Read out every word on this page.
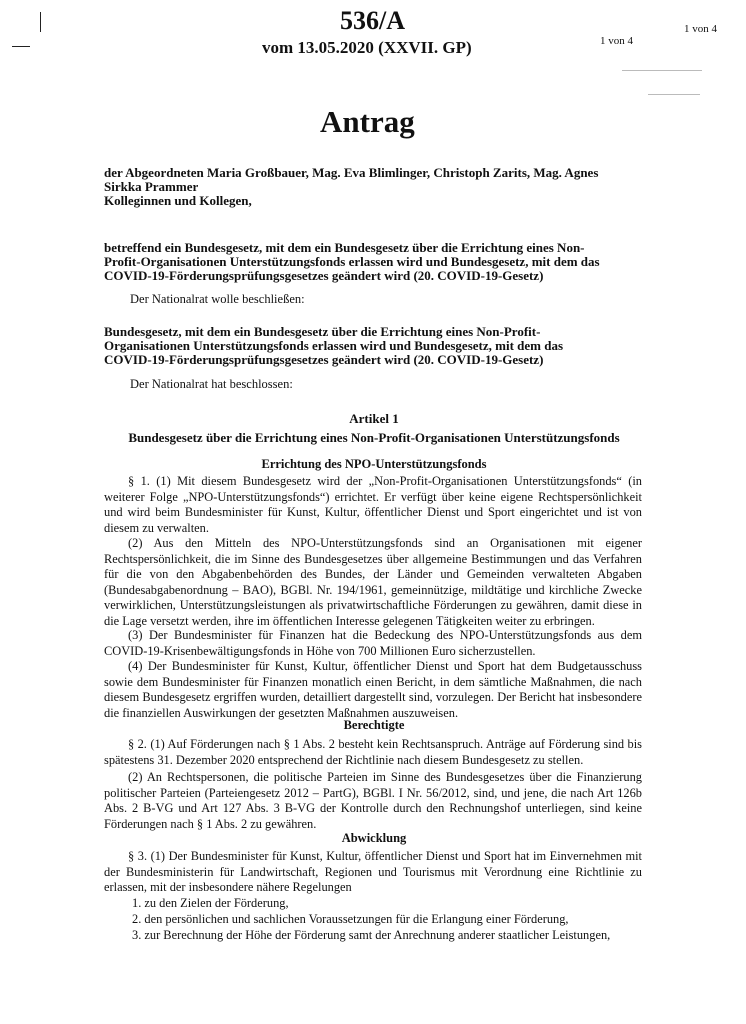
536/A
vom 13.05.2020 (XXVII. GP)	1 von 4
1 von 4
Antrag
der Abgeordneten Maria Großbauer, Mag. Eva Blimlinger, Christoph Zarits, Mag. Agnes
Sirkka Prammer
Kolleginnen und Kollegen,
betreffend ein Bundesgesetz, mit dem ein Bundesgesetz über die Errichtung eines Non-
Profit-Organisationen Unterstützungsfonds erlassen wird und Bundesgesetz, mit dem das
COVID-19-Förderungsprüfungsgesetzes geändert wird (20. COVID-19-Gesetz)
Der Nationalrat wolle beschließen:
Bundesgesetz, mit dem ein Bundesgesetz über die Errichtung eines Non-Profit-
Organisationen Unterstützungsfonds erlassen wird und Bundesgesetz, mit dem das
COVID-19-Förderungsprüfungsgesetzes geändert wird (20. COVID-19-Gesetz)
Der Nationalrat hat beschlossen:
Artikel 1
Bundesgesetz über die Errichtung eines Non-Profit-Organisationen Unterstützungsfonds
Errichtung des NPO-Unterstützungsfonds
§ 1. (1) Mit diesem Bundesgesetz wird der „Non-Profit-Organisationen Unterstützungsfonds“ (in weiterer Folge „NPO-Unterstützungsfonds“) errichtet. Er verfügt über keine eigene Rechtspersönlichkeit und wird beim Bundesminister für Kunst, Kultur, öffentlicher Dienst und Sport eingerichtet und ist von diesem zu verwalten.
(2) Aus den Mitteln des NPO-Unterstützungsfonds sind an Organisationen mit eigener Rechtspersönlichkeit, die im Sinne des Bundesgesetzes über allgemeine Bestimmungen und das Verfahren für die von den Abgabenbehörden des Bundes, der Länder und Gemeinden verwalteten Abgaben (Bundesabgabenordnung – BAO), BGBl. Nr. 194/1961, gemeinnützige, mildtätige und kirchliche Zwecke verwirklichen, Unterstützungsleistungen als privatwirtschaftliche Förderungen zu gewähren, damit diese in die Lage versetzt werden, ihre im öffentlichen Interesse gelegenen Tätigkeiten weiter zu erbringen.
(3) Der Bundesminister für Finanzen hat die Bedeckung des NPO-Unterstützungsfonds aus dem COVID-19-Krisenbewältigungsfonds in Höhe von 700 Millionen Euro sicherzustellen.
(4) Der Bundesminister für Kunst, Kultur, öffentlicher Dienst und Sport hat dem Budgetausschuss sowie dem Bundesminister für Finanzen monatlich einen Bericht, in dem sämtliche Maßnahmen, die nach diesem Bundesgesetz ergriffen wurden, detailliert dargestellt sind, vorzulegen. Der Bericht hat insbesondere die finanziellen Auswirkungen der gesetzten Maßnahmen auszuweisen.
Berechtigte
§ 2. (1) Auf Förderungen nach § 1 Abs. 2 besteht kein Rechtsanspruch. Anträge auf Förderung sind bis spätestens 31. Dezember 2020 entsprechend der Richtlinie nach diesem Bundesgesetz zu stellen.
(2) An Rechtspersonen, die politische Parteien im Sinne des Bundesgesetzes über die Finanzierung politischer Parteien (Parteiengesetz 2012 – PartG), BGBl. I Nr. 56/2012, sind, und jene, die nach Art 126b Abs. 2 B-VG und Art 127 Abs. 3 B-VG der Kontrolle durch den Rechnungshof unterliegen, sind keine Förderungen nach § 1 Abs. 2 zu gewähren.
Abwicklung
§ 3. (1) Der Bundesminister für Kunst, Kultur, öffentlicher Dienst und Sport hat im Einvernehmen mit der Bundesministerin für Landwirtschaft, Regionen und Tourismus mit Verordnung eine Richtlinie zu erlassen, mit der insbesondere nähere Regelungen
1. zu den Zielen der Förderung,
2. den persönlichen und sachlichen Voraussetzungen für die Erlangung einer Förderung,
3. zur Berechnung der Höhe der Förderung samt der Anrechnung anderer staatlicher Leistungen,
